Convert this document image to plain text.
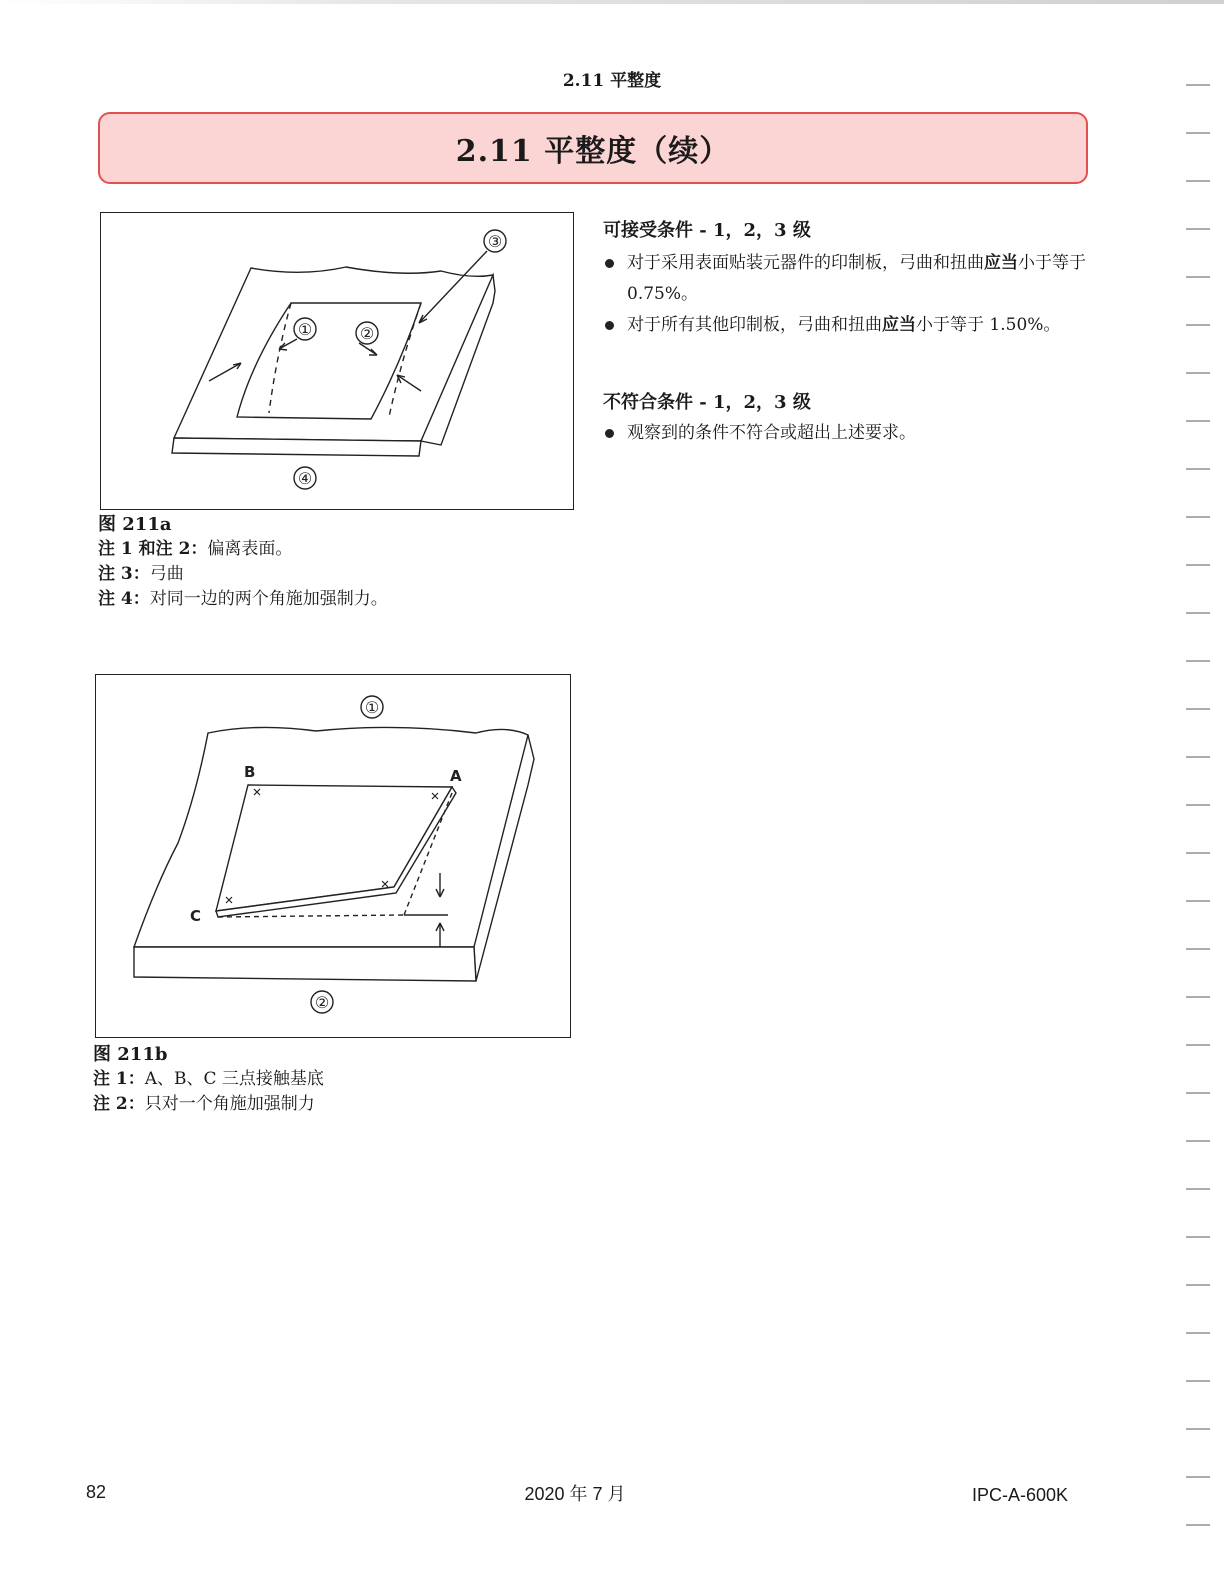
2.11 平整度
2.11 平整度（续）
①	②
③
④
图 211a
注 1 和注 2：偏离表面。
注 3：弓曲
注 4：对同一边的两个角施加强制力。
B	A
C
①
②
图 211b
注 1：A、B、C 三点接触基底
注 2：只对一个角施加强制力
可接受条件 - 1，2，3 级
对于采用表面贴装元器件的印制板，弓曲和扭曲应当小于等于 0.75%。
对于所有其他印制板，弓曲和扭曲应当小于等于 1.50%。
不符合条件 - 1，2，3 级
观察到的条件不符合或超出上述要求。
82	2020 年 7 月	IPC-A-600K
